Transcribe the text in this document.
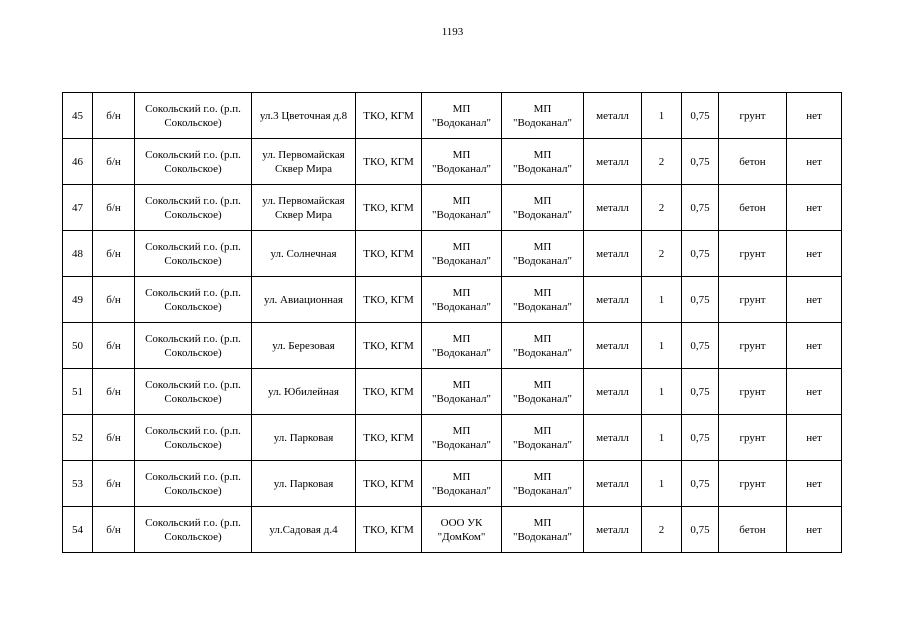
1193
45	б/н	Сокольский г.о. (р.п.
Сокольское)	ул.3 Цветочная д.8	ТКО, КГМ	МП
"Водоканал"	МП
"Водоканал"	металл	1	0,75	грунт	нет
46	б/н	Сокольский г.о. (р.п.
Сокольское)	ул. Первомайская
Сквер Мира	ТКО, КГМ	МП
"Водоканал"	МП
"Водоканал"	металл	2	0,75	бетон	нет
47	б/н	Сокольский г.о. (р.п.
Сокольское)	ул. Первомайская
Сквер Мира	ТКО, КГМ	МП
"Водоканал"	МП
"Водоканал"	металл	2	0,75	бетон	нет
48	б/н	Сокольский г.о. (р.п.
Сокольское)	ул. Солнечная	ТКО, КГМ	МП
"Водоканал"	МП
"Водоканал"	металл	2	0,75	грунт	нет
49	б/н	Сокольский г.о. (р.п.
Сокольское)	ул. Авиационная	ТКО, КГМ	МП
"Водоканал"	МП
"Водоканал"	металл	1	0,75	грунт	нет
50	б/н	Сокольский г.о. (р.п.
Сокольское)	ул. Березовая	ТКО, КГМ	МП
"Водоканал"	МП
"Водоканал"	металл	1	0,75	грунт	нет
51	б/н	Сокольский г.о. (р.п.
Сокольское)	ул. Юбилейная	ТКО, КГМ	МП
"Водоканал"	МП
"Водоканал"	металл	1	0,75	грунт	нет
52	б/н	Сокольский г.о. (р.п.
Сокольское)	ул. Парковая	ТКО, КГМ	МП
"Водоканал"	МП
"Водоканал"	металл	1	0,75	грунт	нет
53	б/н	Сокольский г.о. (р.п.
Сокольское)	ул. Парковая	ТКО, КГМ	МП
"Водоканал"	МП
"Водоканал"	металл	1	0,75	грунт	нет
54	б/н	Сокольский г.о. (р.п.
Сокольское)	ул.Садовая д.4	ТКО, КГМ	ООО УК
"ДомКом"	МП
"Водоканал"	металл	2	0,75	бетон	нет
